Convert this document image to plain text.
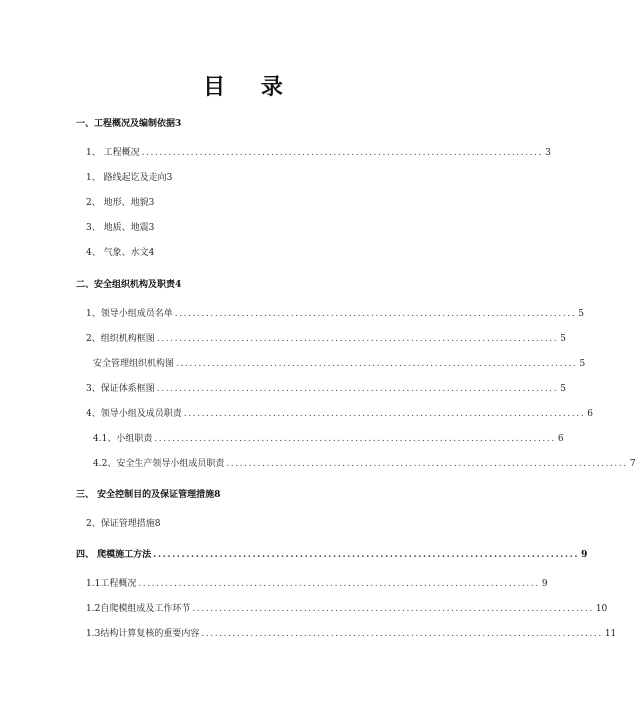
目 录
一、工程概况及编制依据3
1、 工程概况 .......................................................................................... 3
1、 路线起讫及走向3
2、 地形、地貌3
3、 地质、地震3
4、 气象、水文4
二、安全组织机构及职责4
1、领导小组成员名单 .......................................................................................... 5
2、组织机构框图 .......................................................................................... 5
安全管理组织机构图 .......................................................................................... 5
3、保证体系框图 .......................................................................................... 5
4、领导小组及成员职责 .......................................................................................... 6
4.1、小组职责 .......................................................................................... 6
4.2、安全生产领导小组成员职责 .......................................................................................... 7
三、 安全控制目的及保证管理措施8
2、保证管理措施8
四、 爬模施工方法 .......................................................................................... 9
1.1工程概况 .......................................................................................... 9
1.2自爬模组成及工作环节 .......................................................................................... 10
1.3结构计算复核的重要内容 .......................................................................................... 11
